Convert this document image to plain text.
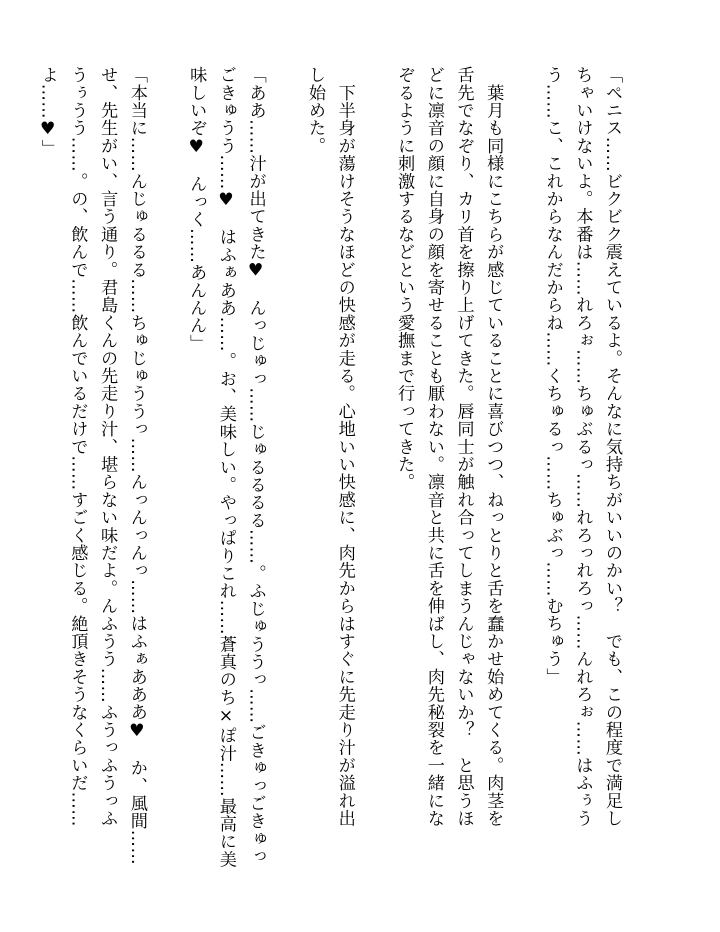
「ペニス……ビクビク震えているよ。そんなに気持ちがいいのかい？　でも、この程度で満足し
ちゃいけないよ。本番は……れろぉ……ちゅぶるっ……れろっれろっ……んれろぉ……はふぅう
う……こ、これからなんだからね……くちゅるっ……ちゅぶっ……むちゅう」
　葉月も同様にこちらが感じていることに喜びつつ、ねっとりと舌を蠢かせ始めてくる。肉茎を
舌先でなぞり、カリ首を擦り上げてきた。唇同士が触れ合ってしまうんじゃないか？　と思うほ
どに凛音の顔に自身の顔を寄せることも厭わない。凛音と共に舌を伸ばし、肉先秘裂を一緒にな
ぞるように刺激するなどという愛撫まで行ってきた。
　下半身が蕩けそうなほどの快感が走る。心地いい快感に、肉先からはすぐに先走り汁が溢れ出
し始めた。
「ああ……汁が出てきた♥　んっじゅっ……じゅるるるる……。ふじゅううっ……ごきゅっごきゅっ
ごきゅうう……♥　はふぁああ……。お、美味しい。やっぱりこれ……蒼真のち×ぽ汁……最高に美
味しいぞ♥　んっく……あんんん」
「本当に……んじゅるるる……ちゅじゅううっ……んっんっんっ……はふぁあああ♥　か、風間……
せ、先生がい、言う通り。君島くんの先走り汁、堪らない味だよ。んふうう……ふうっふうっふ
うぅうう……。の、飲んで……飲んでいるだけで……すごく感じる。絶頂きそうなくらいだ……
よ……♥」
